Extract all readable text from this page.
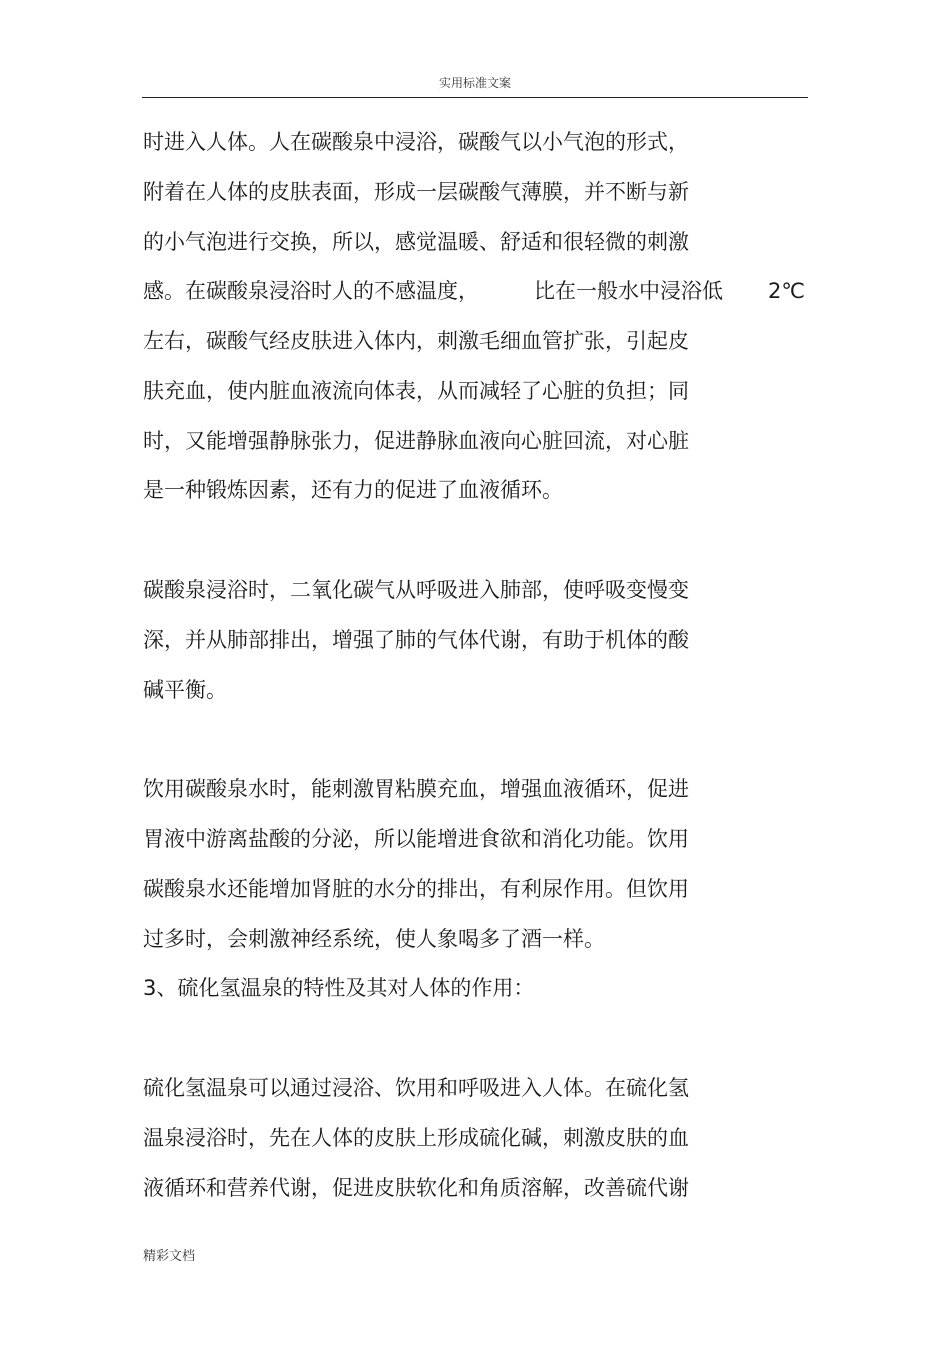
实用标准文案
时进入人体。人在碳酸泉中浸浴，碳酸气以小气泡的形式，
附着在人体的皮肤表面，形成一层碳酸气薄膜，并不断与新
的小气泡进行交换，所以，感觉温暖、舒适和很轻微的刺激
感。在碳酸泉浸浴时人的不感温度，	比在一般水中浸浴低 2℃
左右，碳酸气经皮肤进入体内，刺激毛细血管扩张，引起皮
肤充血，使内脏血液流向体表，从而减轻了心脏的负担；同
时，又能增强静脉张力，促进静脉血液向心脏回流，对心脏
是一种锻炼因素，还有力的促进了血液循环。
碳酸泉浸浴时，二氧化碳气从呼吸进入肺部，使呼吸变慢变
深，并从肺部排出，增强了肺的气体代谢，有助于机体的酸
碱平衡。
饮用碳酸泉水时，能刺激胃粘膜充血，增强血液循环，促进
胃液中游离盐酸的分泌，所以能增进食欲和消化功能。饮用
碳酸泉水还能增加肾脏的水分的排出，有利尿作用。但饮用
过多时，会刺激神经系统，使人象喝多了酒一样。
3、硫化氢温泉的特性及其对人体的作用：
硫化氢温泉可以通过浸浴、饮用和呼吸进入人体。在硫化氢
温泉浸浴时，先在人体的皮肤上形成硫化碱，刺激皮肤的血
液循环和营养代谢，促进皮肤软化和角质溶解，改善硫代谢
精彩文档
